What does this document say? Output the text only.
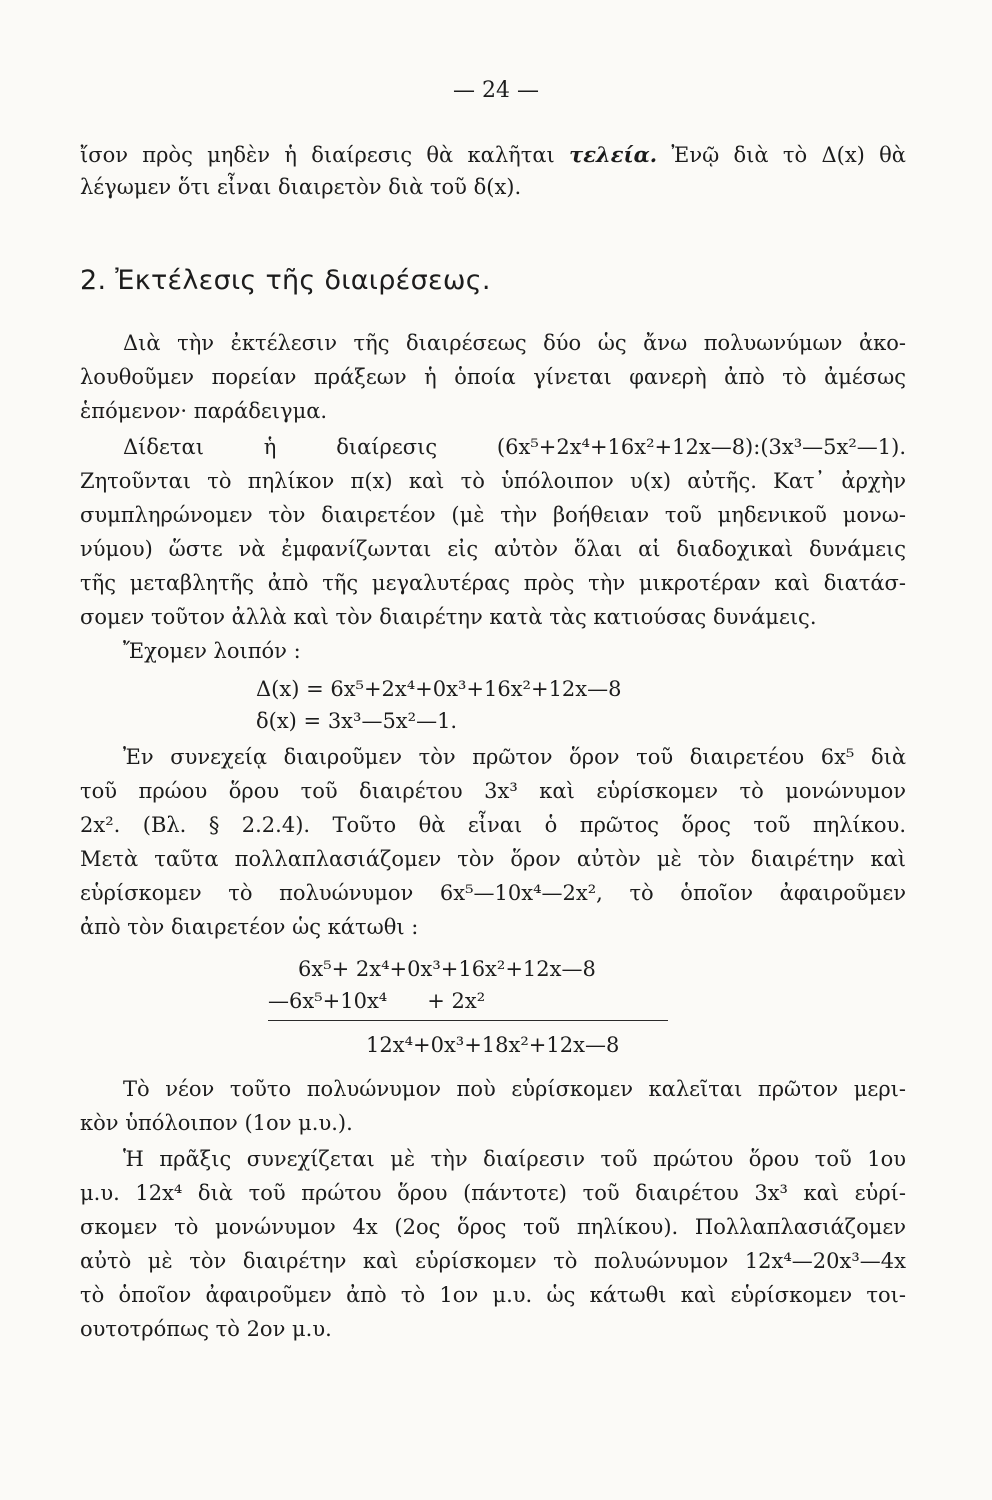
— 24 —
ἴσον πρὸς μηδὲν ἡ διαίρεσις θὰ καλῆται τελεία. Ἐνῷ διὰ τὸ Δ(x) θὰ
λέγωμεν ὅτι εἶναι διαιρετὸν διὰ τοῦ δ(x).
2. Ἐκτέλεσις τῆς διαιρέσεως.
Διὰ τὴν ἐκτέλεσιν τῆς διαιρέσεως δύο ὡς ἄνω πολυωνύμων ἀκο-
λουθοῦμεν πορείαν πράξεων ἡ ὁποία γίνεται φανερὴ ἀπὸ τὸ ἀμέσως
ἑπόμενον· παράδειγμα.
Δίδεται ἡ διαίρεσις (6x⁵+2x⁴+16x²+12x—8):(3x³—5x²—1).
Ζητοῦνται τὸ πηλίκον π(x) καὶ τὸ ὑπόλοιπον υ(x) αὐτῆς. Κατ᾽ ἀρχὴν
συμπληρώνομεν τὸν διαιρετέον (μὲ τὴν βοήθειαν τοῦ μηδενικοῦ μονω-
νύμου) ὥστε νὰ ἐμφανίζωνται εἰς αὐτὸν ὅλαι αἱ διαδοχικαὶ δυνάμεις
τῆς μεταβλητῆς ἀπὸ τῆς μεγαλυτέρας πρὸς τὴν μικροτέραν καὶ διατάσ-
σομεν τοῦτον ἀλλὰ καὶ τὸν διαιρέτην κατὰ τὰς κατιούσας δυνάμεις.
Ἔχομεν λοιπόν :
Δ(x) = 6x⁵+2x⁴+0x³+16x²+12x—8
δ(x) = 3x³—5x²—1.
Ἐν συνεχείᾳ διαιροῦμεν τὸν πρῶτον ὅρον τοῦ διαιρετέου 6x⁵ διὰ
τοῦ πρώου ὅρου τοῦ διαιρέτου 3x³ καὶ εὑρίσκομεν τὸ μονώνυμον
2x². (Βλ. § 2.2.4). Τοῦτο θὰ εἶναι ὁ πρῶτος ὅρος τοῦ πηλίκου.
Μετὰ ταῦτα πολλαπλασιάζομεν τὸν ὅρον αὐτὸν μὲ τὸν διαιρέτην καὶ
εὑρίσκομεν τὸ πολυώνυμον 6x⁵—10x⁴—2x², τὸ ὁποῖον ἀφαιροῦμεν
ἀπὸ τὸν διαιρετέον ὡς κάτωθι :
6x⁵+ 2x⁴+0x³+16x²+12x—8
—6x⁵+10x⁴      + 2x²
12x⁴+0x³+18x²+12x—8
Τὸ νέον τοῦτο πολυώνυμον ποὺ εὑρίσκομεν καλεῖται πρῶτον μερι-
κὸν ὑπόλοιπον (1ον μ.υ.).
Ἡ πρᾶξις συνεχίζεται μὲ τὴν διαίρεσιν τοῦ πρώτου ὅρου τοῦ 1ου
μ.υ. 12x⁴ διὰ τοῦ πρώτου ὅρου (πάντοτε) τοῦ διαιρέτου 3x³ καὶ εὑρί-
σκομεν τὸ μονώνυμον 4x (2ος ὅρος τοῦ πηλίκου). Πολλαπλασιάζομεν
αὐτὸ μὲ τὸν διαιρέτην καὶ εὑρίσκομεν τὸ πολυώνυμον 12x⁴—20x³—4x
τὸ ὁποῖον ἀφαιροῦμεν ἀπὸ τὸ 1ον μ.υ. ὡς κάτωθι καὶ εὑρίσκομεν τοι-
ουτοτρόπως τὸ 2ον μ.υ.
